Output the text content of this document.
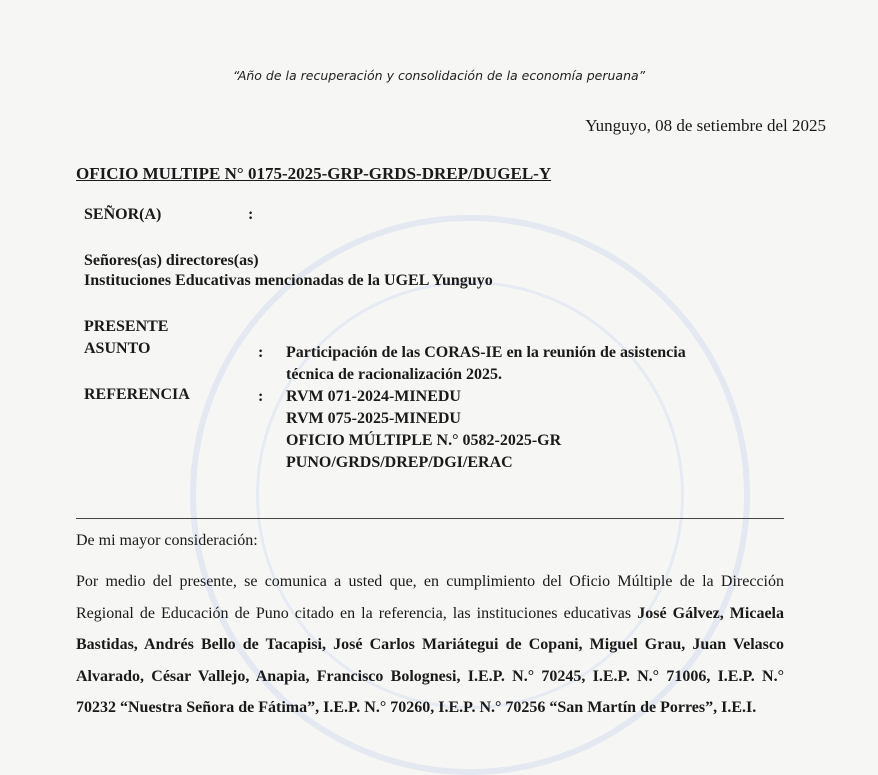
“Año de la recuperación y consolidación de la economía peruana”
Yunguyo, 08 de setiembre del 2025
OFICIO MULTIPE N° 0175-2025-GRP-GRDS-DREP/DUGEL-Y
SEÑOR(A)	:
Señores(as) directores(as)
Instituciones Educativas mencionadas de la UGEL Yunguyo
PRESENTE
ASUNTO	: Participación de las CORAS-IE en la reunión de asistencia
técnica de racionalización 2025.
REFERENCIA	: RVM 071-2024-MINEDU
RVM 075-2025-MINEDU
OFICIO MÚLTIPLE N.° 0582-2025-GR
PUNO/GRDS/DREP/DGI/ERAC
De mi mayor consideración:
Por medio del presente, se comunica a usted que, en cumplimiento del Oficio Múltiple de la Dirección Regional de Educación de Puno citado en la referencia, las instituciones educativas José Gálvez, Micaela Bastidas, Andrés Bello de Tacapisi, José Carlos Mariátegui de Copani, Miguel Grau, Juan Velasco Alvarado, César Vallejo, Anapia, Francisco Bolognesi, I.E.P. N.° 70245, I.E.P. N.° 71006, I.E.P. N.° 70232 “Nuestra Señora de Fátima”, I.E.P. N.° 70260, I.E.P. N.° 70256 “San Martín de Porres”, I.E.I.
